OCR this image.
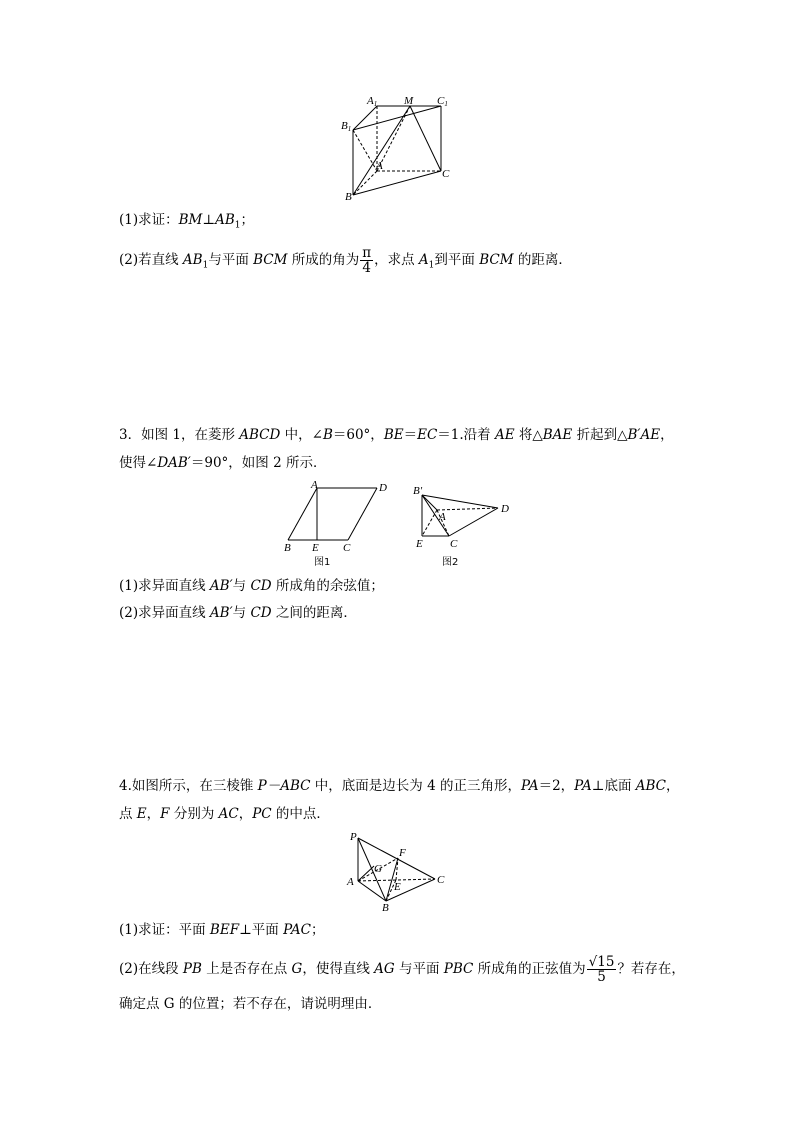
A1 M C1
B1
A
C
B
(1)求证：$BM\perp AB_1$；
(2)若直线 $AB_1$与平面 BCM 所成的角为 $\frac{\pi}{4}$ ，求点 $A_1$到平面 BCM 的距离．
3．如图 1，在菱形 ABCD 中，∠B＝60°，BE＝EC＝1.沿着 AE 将△BAE 折起到△B′AE，
使得∠DAB′＝90°，如图 2 所示．
A	D
B E C
图1
B′
A
D
E C
图2
(1)求异面直线 AB′与 CD 所成角的余弦值；
(2)求异面直线 AB′与 CD 之间的距离．
4.如图所示，在三棱锥 P－ABC 中，底面是边长为 4 的正三角形，PA＝2，PA⊥底面 ABC，
点 E，F 分别为 AC，PC 的中点．
P
G
F
A	E
C
B
(1)求证：平面 BEF⊥平面 PAC；
(2)在线段 PB 上是否存在点 G，使得直线 AG 与平面 PBC 所成角的正弦值为 $\frac{√15}{5}$ ？若存在，
确定点 G 的位置；若不存在，请说明理由．
